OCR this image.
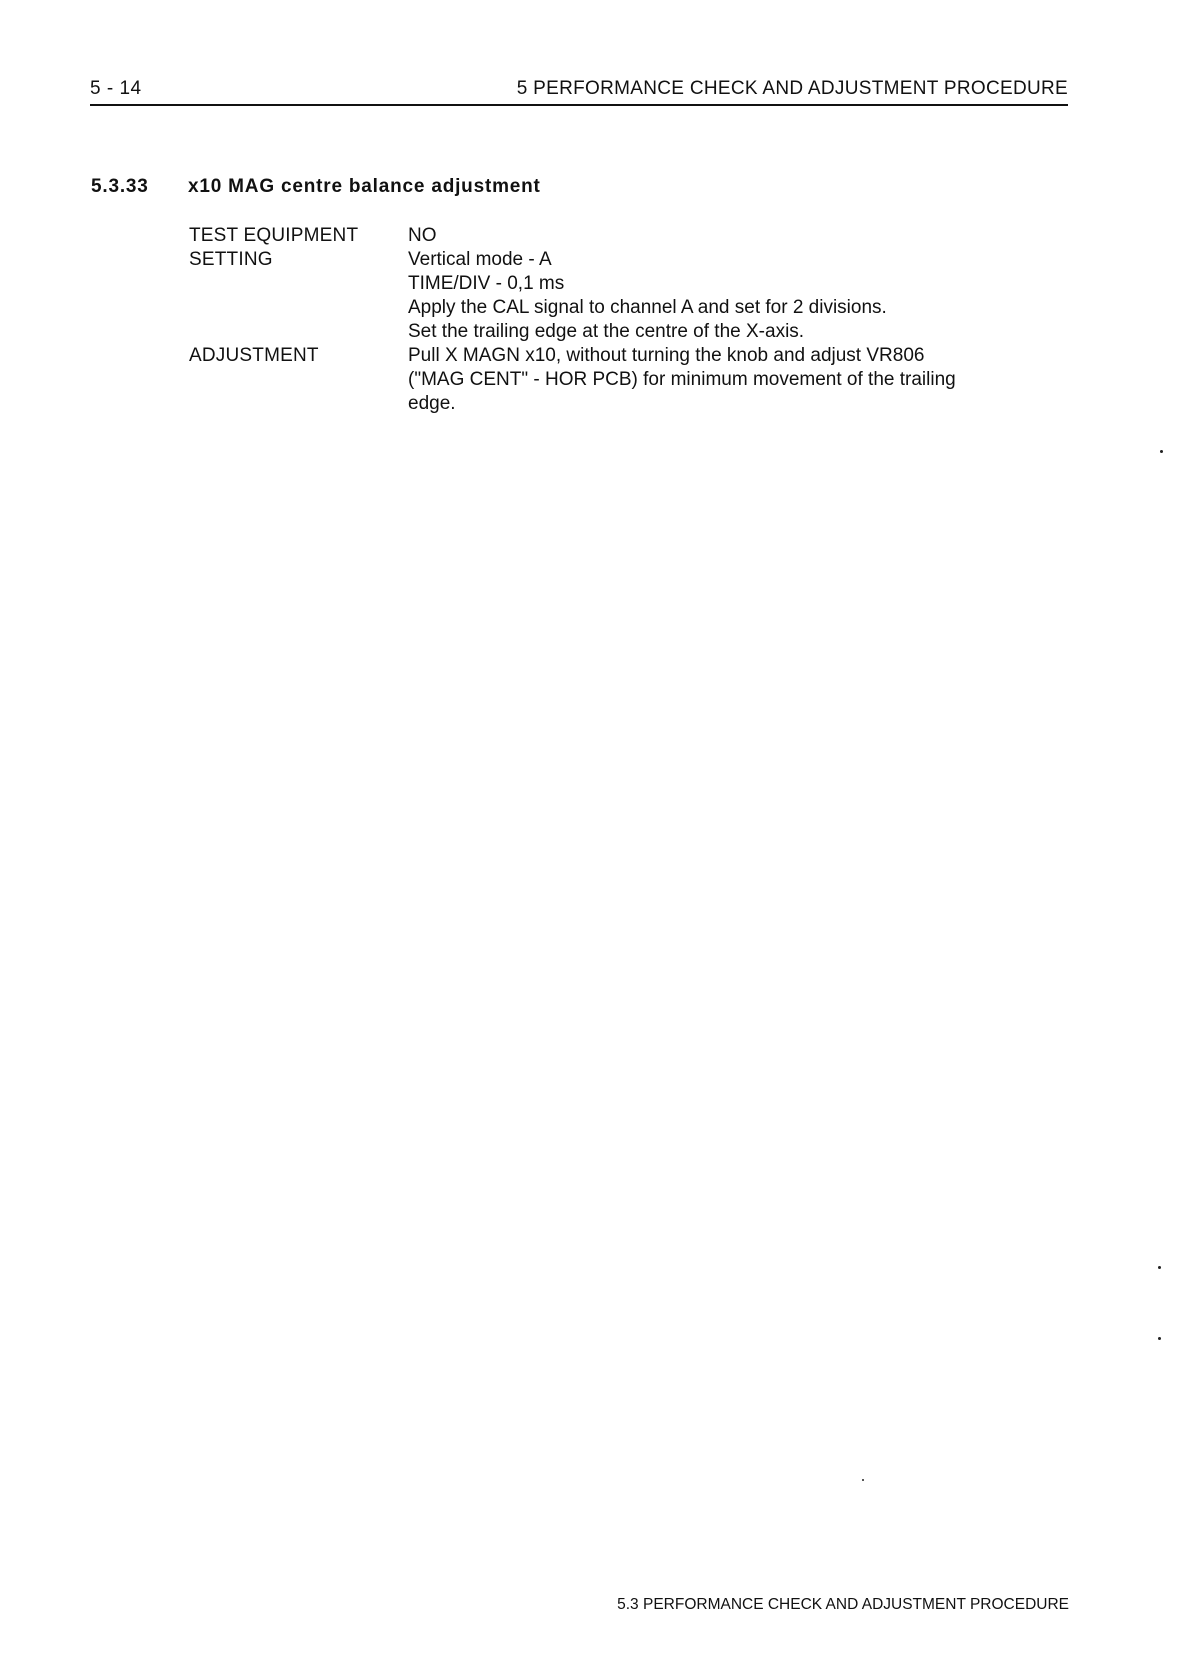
5 - 14	5 PERFORMANCE CHECK AND ADJUSTMENT PROCEDURE
5.3.33 x10 MAG centre balance adjustment
TEST EQUIPMENT	NO
SETTING	Vertical mode - A
TIME/DIV - 0,1 ms
Apply the CAL signal to channel A and set for 2 divisions.
Set the trailing edge at the centre of the X-axis.
ADJUSTMENT	Pull X MAGN x10, without turning the knob and adjust VR806
("MAG CENT" - HOR PCB) for minimum movement of the trailing
edge.
5.3 PERFORMANCE CHECK AND ADJUSTMENT PROCEDURE
